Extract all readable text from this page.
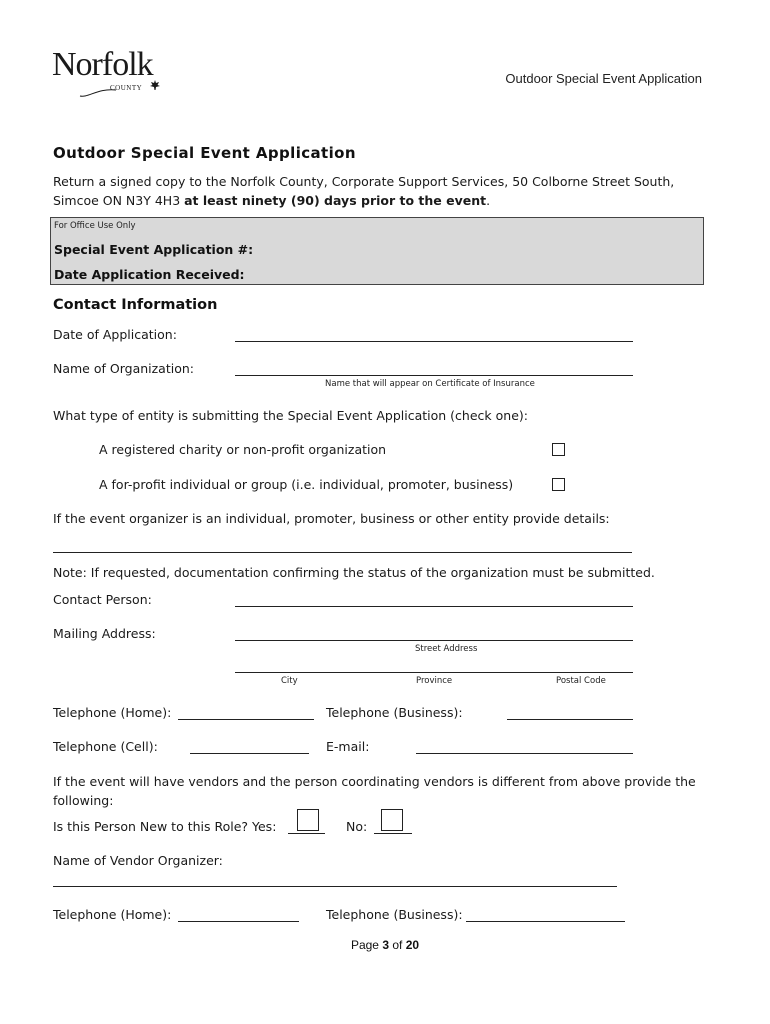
Norfolk
COUNTY
Outdoor Special Event Application
Outdoor Special Event Application
Return a signed copy to the Norfolk County, Corporate Support Services, 50 Colborne Street South,
Simcoe ON N3Y 4H3 at least ninety (90) days prior to the event.
For Office Use Only
Special Event Application #:
Date Application Received:
Contact Information
Date of Application:
Name of Organization:
Name that will appear on Certificate of Insurance
What type of entity is submitting the Special Event Application (check one):
A registered charity or non-profit organization
A for-profit individual or group (i.e. individual, promoter, business)
If the event organizer is an individual, promoter, business or other entity provide details:
Note: If requested, documentation confirming the status of the organization must be submitted.
Contact Person:
Mailing Address:
Street Address
City	Province	Postal Code
Telephone (Home):	Telephone (Business):
Telephone (Cell):	E-mail:
If the event will have vendors and the person coordinating vendors is different from above provide the
following:
Is this Person New to this Role? Yes:	No:
Name of Vendor Organizer:
Telephone (Home):	Telephone (Business):
Page 3 of 20
